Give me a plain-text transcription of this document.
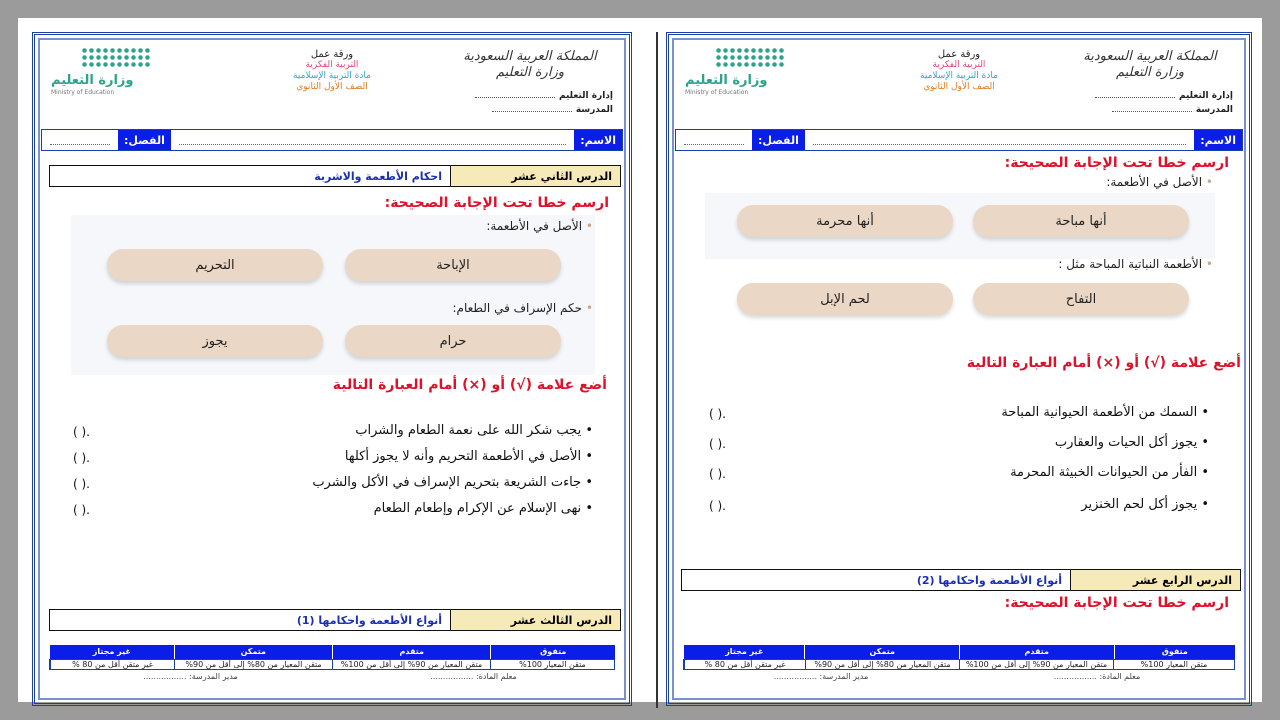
المملكة العربية السعودية
وزارة التعليم
إدارة التعليم
المدرسة
ورقة عمل
التربية الفكرية
مادة التربية الإسلامية
الصف الأول الثانوي
وزارة التعليم
Ministry of Education
الاسم:
الفصل:
الدرس الثاني عشر
احكام الأطعمة والاشربة
ارسم خطا تحت الإجابة الصحيحة:
• الأصل في الأطعمة:
الإباحة
التحريم
• حكم الإسراف في الطعام:
حرام
يجوز
أضع علامة (√) أو (×) أمام العبارة التالية
• يجب شكر الله على نعمة الطعام والشراب
( ).
• الأصل في الأطعمة التحريم وأنه لا يجوز أكلها
( ).
• جاءت الشريعة بتحريم الإسراف في الأكل والشرب
( ).
• نهى الإسلام عن الإكرام وإطعام الطعام
( ).
الدرس الثالث عشر
أنواع الأطعمة واحكامها (1)
متفوق
متقدم
متمكن
غير مجتاز
متقن المعيار 100%
متقن المعيار من 90% إلى أقل من 100%
متقن المعيار من 80% إلى أقل من 90%
غير متقن أقل من 80 %
معلم المادة: .................
مدير المدرسة: .................
المملكة العربية السعودية
وزارة التعليم
إدارة التعليم
المدرسة
ورقة عمل
التربية الفكرية
مادة التربية الإسلامية
الصف الأول الثانوي
وزارة التعليم
Ministry of Education
الاسم:
الفصل:
ارسم خطا تحت الإجابة الصحيحة:
• الأصل في الأطعمة:
أنها مباحة
أنها محرمة
• الأطعمة النباتية المباحة مثل :
التفاح
لحم الإبل
أضع علامة (√) أو (×) أمام العبارة التالية
• السمك من الأطعمة الحيوانية المباحة
( ).
• يجوز أكل الحيات والعقارب
( ).
• الفأر من الحيوانات الخبيثة المحرمة
( ).
• يجوز أكل لحم الخنزير
( ).
الدرس الرابع عشر
أنواع الأطعمة واحكامها (2)
ارسم خطا تحت الإجابة الصحيحة:
متفوق
متقدم
متمكن
غير مجتاز
متقن المعيار 100%
متقن المعيار من 90% إلى أقل من 100%
متقن المعيار من 80% إلى أقل من 90%
غير متقن أقل من 80 %
معلم المادة: .................
مدير المدرسة: .................
